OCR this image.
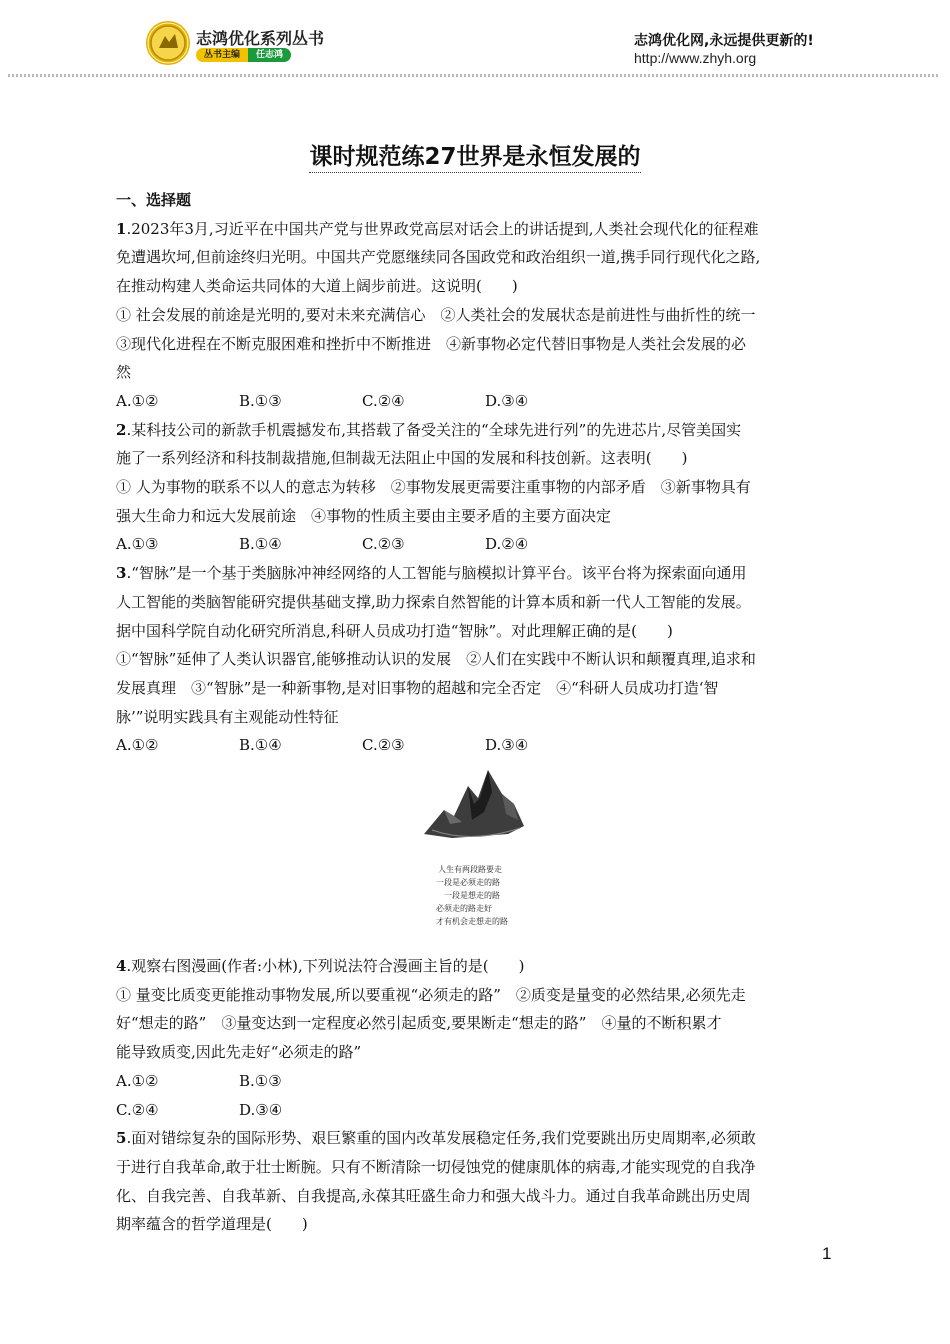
志鸿优化系列丛书
丛书主编	任志鸿
志鸿优化网,永远提供更新的!
http://www.zhyh.org
课时规范练27世界是永恒发展的
一、选择题
1.2023年3月,习近平在中国共产党与世界政党高层对话会上的讲话提到,人类社会现代化的征程难
免遭遇坎坷,但前途终归光明。中国共产党愿继续同各国政党和政治组织一道,携手同行现代化之路,
在推动构建人类命运共同体的大道上阔步前进。这说明(　　)
① 社会发展的前途是光明的,要对未来充满信心　②人类社会的发展状态是前进性与曲折性的统一
③现代化进程在不断克服困难和挫折中不断推进　④新事物必定代替旧事物是人类社会发展的必
然
A.①②	B.①③	C.②④	D.③④
2.某科技公司的新款手机震撼发布,其搭载了备受关注的“全球先进行列”的先进芯片,尽管美国实
施了一系列经济和科技制裁措施,但制裁无法阻止中国的发展和科技创新。这表明(　　)
① 人为事物的联系不以人的意志为转移　②事物发展更需要注重事物的内部矛盾　③新事物具有
强大生命力和远大发展前途　④事物的性质主要由主要矛盾的主要方面决定
A.①③	B.①④	C.②③	D.②④
3.“智脉”是一个基于类脑脉冲神经网络的人工智能与脑模拟计算平台。该平台将为探索面向通用
人工智能的类脑智能研究提供基础支撑,助力探索自然智能的计算本质和新一代人工智能的发展。
据中国科学院自动化研究所消息,科研人员成功打造“智脉”。对此理解正确的是(　　)
①“智脉”延伸了人类认识器官,能够推动认识的发展　②人们在实践中不断认识和颠覆真理,追求和
发展真理　③“智脉”是一种新事物,是对旧事物的超越和完全否定　④“科研人员成功打造‘智
脉’”说明实践具有主观能动性特征
A.①②	B.①④	C.②③	D.③④
人生有两段路要走
一段是必须走的路
一段是想走的路
必须走的路走好
才有机会走想走的路
4.观察右图漫画(作者:小林),下列说法符合漫画主旨的是(　　)
① 量变比质变更能推动事物发展,所以要重视“必须走的路”　②质变是量变的必然结果,必须先走
好“想走的路”　③量变达到一定程度必然引起质变,要果断走“想走的路”　④量的不断积累才
能导致质变,因此先走好“必须走的路”
A.①②	B.①③
C.②④	D.③④
5.面对错综复杂的国际形势、艰巨繁重的国内改革发展稳定任务,我们党要跳出历史周期率,必须敢
于进行自我革命,敢于壮士断腕。只有不断清除一切侵蚀党的健康肌体的病毒,才能实现党的自我净
化、自我完善、自我革新、自我提高,永葆其旺盛生命力和强大战斗力。通过自我革命跳出历史周
期率蕴含的哲学道理是(　　)
1
